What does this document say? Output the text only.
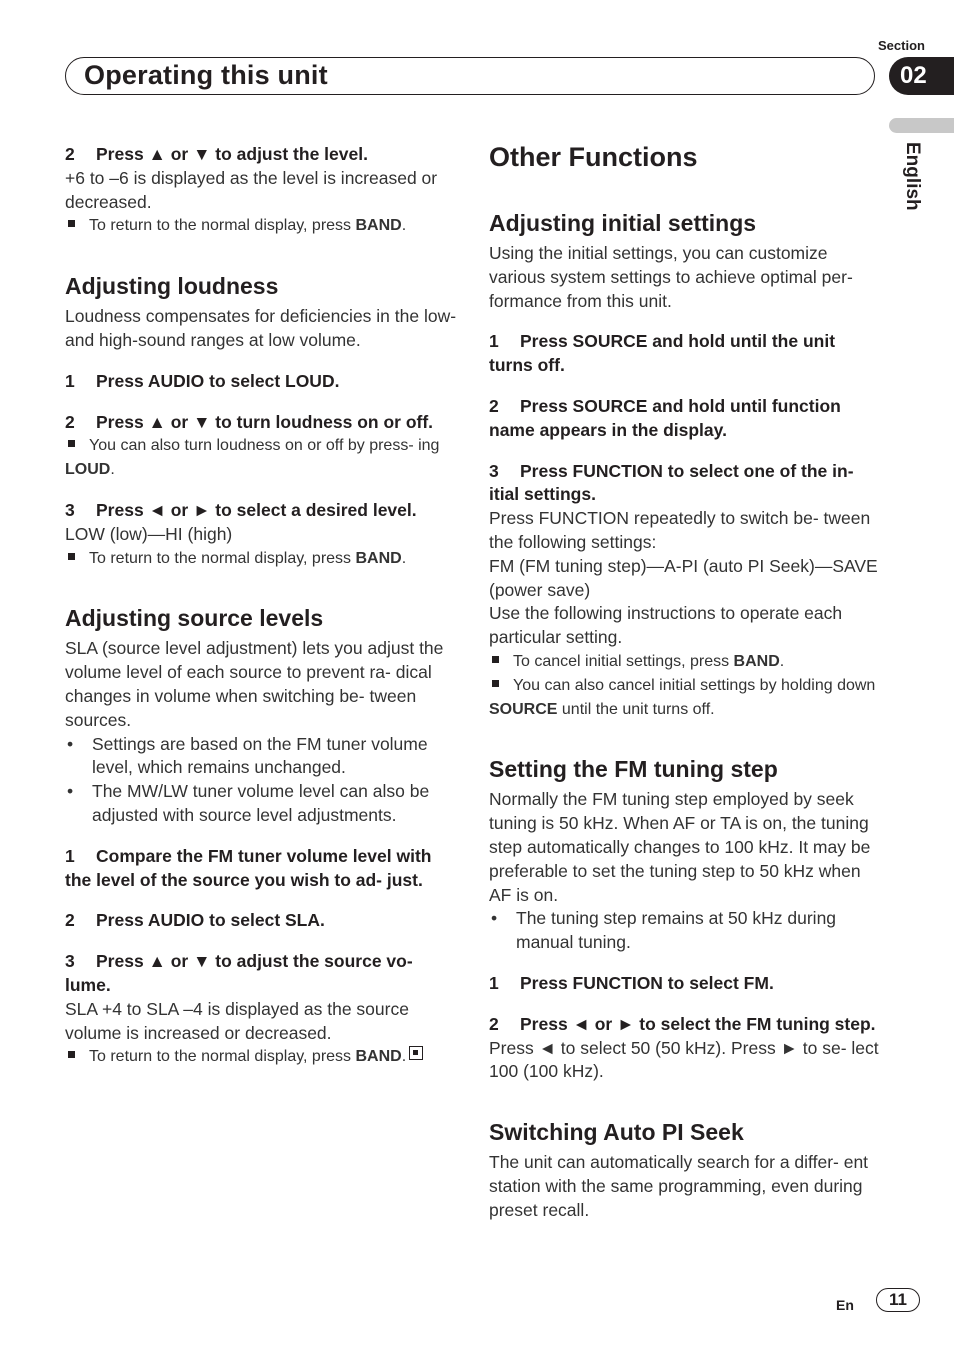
Operating this unit
Section
02
English

2 Press ▲ or ▼ to adjust the level.

+6 to –6 is displayed as the level is increased or decreased.

To return to the normal display, press BAND.

Adjusting loudness

Loudness compensates for deficiencies in the low- and high-sound ranges at low volume.

1 Press AUDIO to select LOUD.

2 Press ▲ or ▼ to turn loudness on or off.

You can also turn loudness on or off by press- ing LOUD.

3 Press ◄ or ► to select a desired level.

LOW (low)—HI (high)

To return to the normal display, press BAND.

Adjusting source levels

SLA (source level adjustment) lets you adjust the volume level of each source to prevent ra- dical changes in volume when switching be- tween sources.

•	Settings are based on the FM tuner volume level, which remains unchanged.
•	The MW/LW tuner volume level can also be adjusted with source level adjustments.

1 Compare the FM tuner volume level with the level of the source you wish to ad- just.

2 Press AUDIO to select SLA.

3 Press ▲ or ▼ to adjust the source vo- lume.

SLA +4 to SLA –4 is displayed as the source volume is increased or decreased.

To return to the normal display, press BAND.

Other Functions

Adjusting initial settings

Using the initial settings, you can customize various system settings to achieve optimal per- formance from this unit.

1 Press SOURCE and hold until the unit turns off.

2 Press SOURCE and hold until function name appears in the display.

3 Press FUNCTION to select one of the in- itial settings.

Press FUNCTION repeatedly to switch be- tween the following settings:

FM (FM tuning step)—A-PI (auto PI Seek)—SAVE (power save)

Use the following instructions to operate each particular setting.

To cancel initial settings, press BAND.

You can also cancel initial settings by holding down SOURCE until the unit turns off.

Setting the FM tuning step

Normally the FM tuning step employed by seek tuning is 50 kHz. When AF or TA is on, the tuning step automatically changes to 100 kHz. It may be preferable to set the tuning step to 50 kHz when AF is on.

•	The tuning step remains at 50 kHz during manual tuning.

1 Press FUNCTION to select FM.

2 Press ◄ or ► to select the FM tuning step.

Press ◄ to select 50 (50 kHz). Press ► to se- lect 100 (100 kHz).

Switching Auto PI Seek

The unit can automatically search for a differ- ent station with the same programming, even during preset recall.

En	11
